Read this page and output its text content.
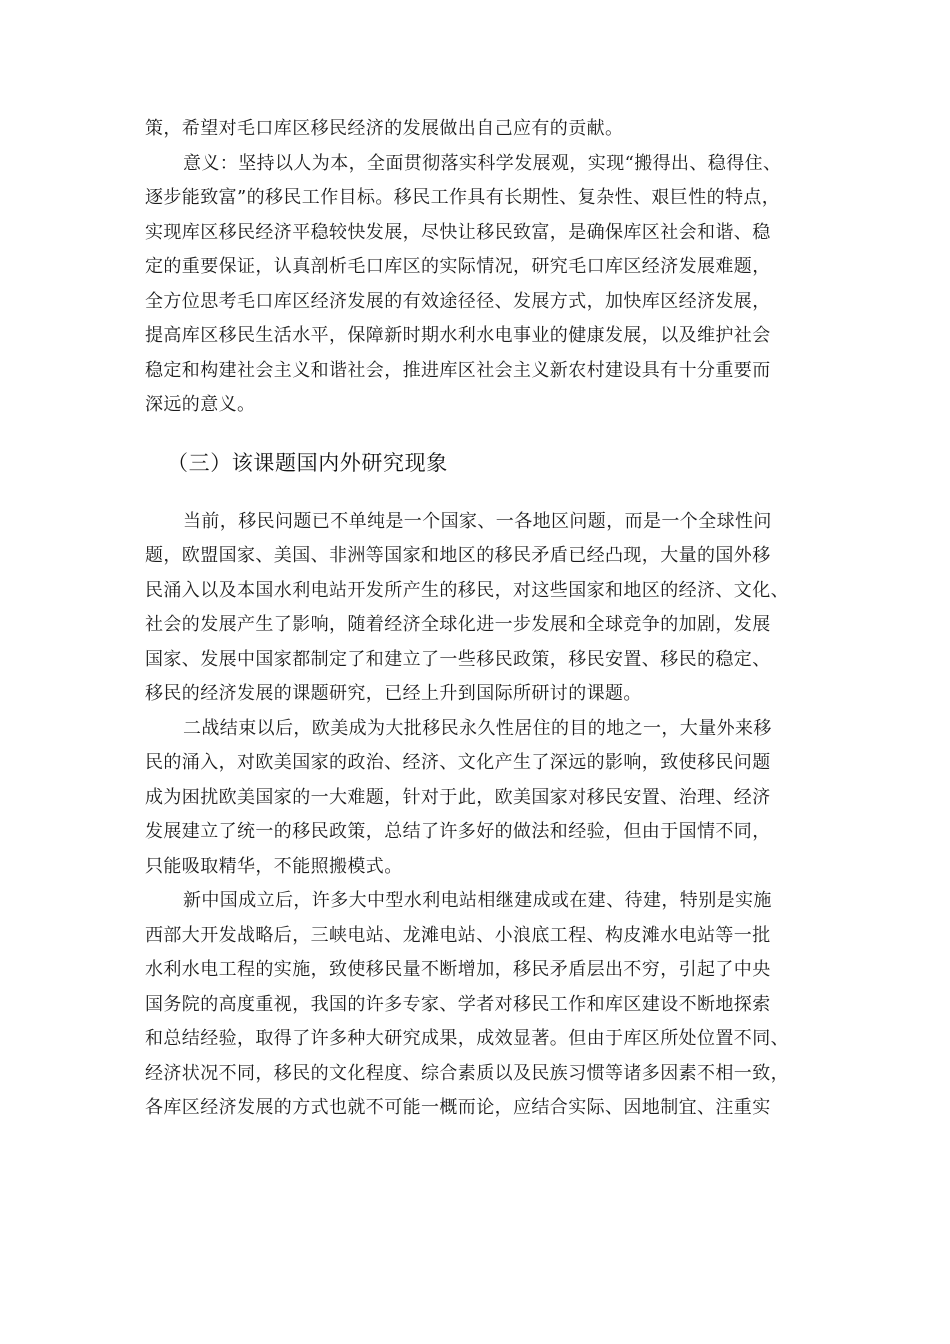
策，希望对毛口库区移民经济的发展做出自己应有的贡献。
意义：坚持以人为本，全面贯彻落实科学发展观，实现“搬得出、稳得住、
逐步能致富”的移民工作目标。移民工作具有长期性、复杂性、艰巨性的特点，
实现库区移民经济平稳较快发展，尽快让移民致富，是确保库区社会和谐、稳
定的重要保证，认真剖析毛口库区的实际情况，研究毛口库区经济发展难题，
全方位思考毛口库区经济发展的有效途径径、发展方式，加快库区经济发展，
提高库区移民生活水平，保障新时期水利水电事业的健康发展，以及维护社会
稳定和构建社会主义和谐社会，推进库区社会主义新农村建设具有十分重要而
深远的意义。
（三）该课题国内外研究现象
当前，移民问题已不单纯是一个国家、一各地区问题，而是一个全球性问
题，欧盟国家、美国、非洲等国家和地区的移民矛盾已经凸现，大量的国外移
民涌入以及本国水利电站开发所产生的移民，对这些国家和地区的经济、文化、
社会的发展产生了影响，随着经济全球化进一步发展和全球竞争的加剧，发展
国家、发展中国家都制定了和建立了一些移民政策，移民安置、移民的稳定、
移民的经济发展的课题研究，已经上升到国际所研讨的课题。
二战结束以后，欧美成为大批移民永久性居住的目的地之一，大量外来移
民的涌入，对欧美国家的政治、经济、文化产生了深远的影响，致使移民问题
成为困扰欧美国家的一大难题，针对于此，欧美国家对移民安置、治理、经济
发展建立了统一的移民政策，总结了许多好的做法和经验，但由于国情不同，
只能吸取精华，不能照搬模式。
新中国成立后，许多大中型水利电站相继建成或在建、待建，特别是实施
西部大开发战略后，三峡电站、龙滩电站、小浪底工程、构皮滩水电站等一批
水利水电工程的实施，致使移民量不断增加，移民矛盾层出不穷，引起了中央
国务院的高度重视，我国的许多专家、学者对移民工作和库区建设不断地探索
和总结经验，取得了许多种大研究成果，成效显著。但由于库区所处位置不同、
经济状况不同，移民的文化程度、综合素质以及民族习惯等诸多因素不相一致，
各库区经济发展的方式也就不可能一概而论，应结合实际、因地制宜、注重实
